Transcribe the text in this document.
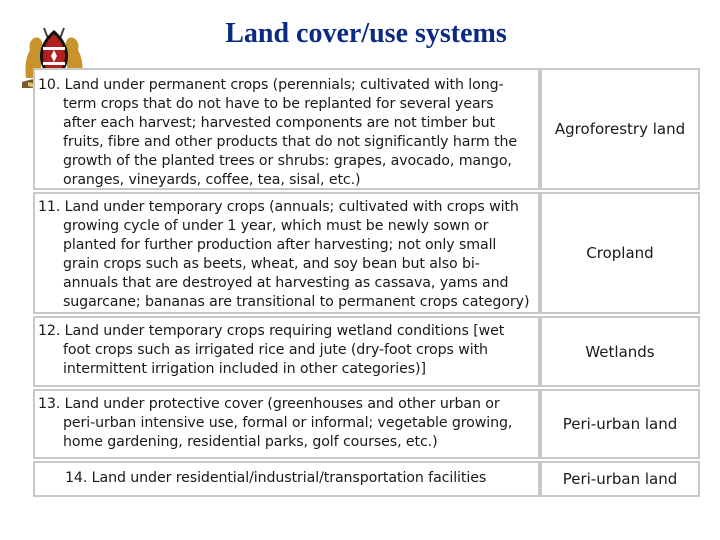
Land cover/use systems
10. Land under permanent crops (perennials; cultivated with long-term crops that do not have to be replanted for several years after each harvest; harvested components are not timber but fruits, fibre and other products that do not significantly harm the growth of the planted trees or shrubs: grapes, avocado, mango, oranges, vineyards, coffee, tea, sisal, etc.)
Agroforestry land
11. Land under temporary crops (annuals; cultivated with crops with growing cycle of under 1 year, which must be newly sown or planted for further production after harvesting; not only small grain crops such as beets, wheat, and soy bean but also bi-annuals that are destroyed at harvesting as cassava, yams and sugarcane; bananas are transitional to permanent crops category)
Cropland
12. Land under temporary crops requiring wetland conditions [wet foot crops such as irrigated rice and jute (dry-foot crops with intermittent irrigation included in other categories)]
Wetlands
13. Land under protective cover (greenhouses and other urban or peri-urban intensive use, formal or informal; vegetable growing, home gardening, residential parks, golf courses, etc.)
Peri-urban land
14. Land under residential/industrial/transportation facilities	Peri-urban land
